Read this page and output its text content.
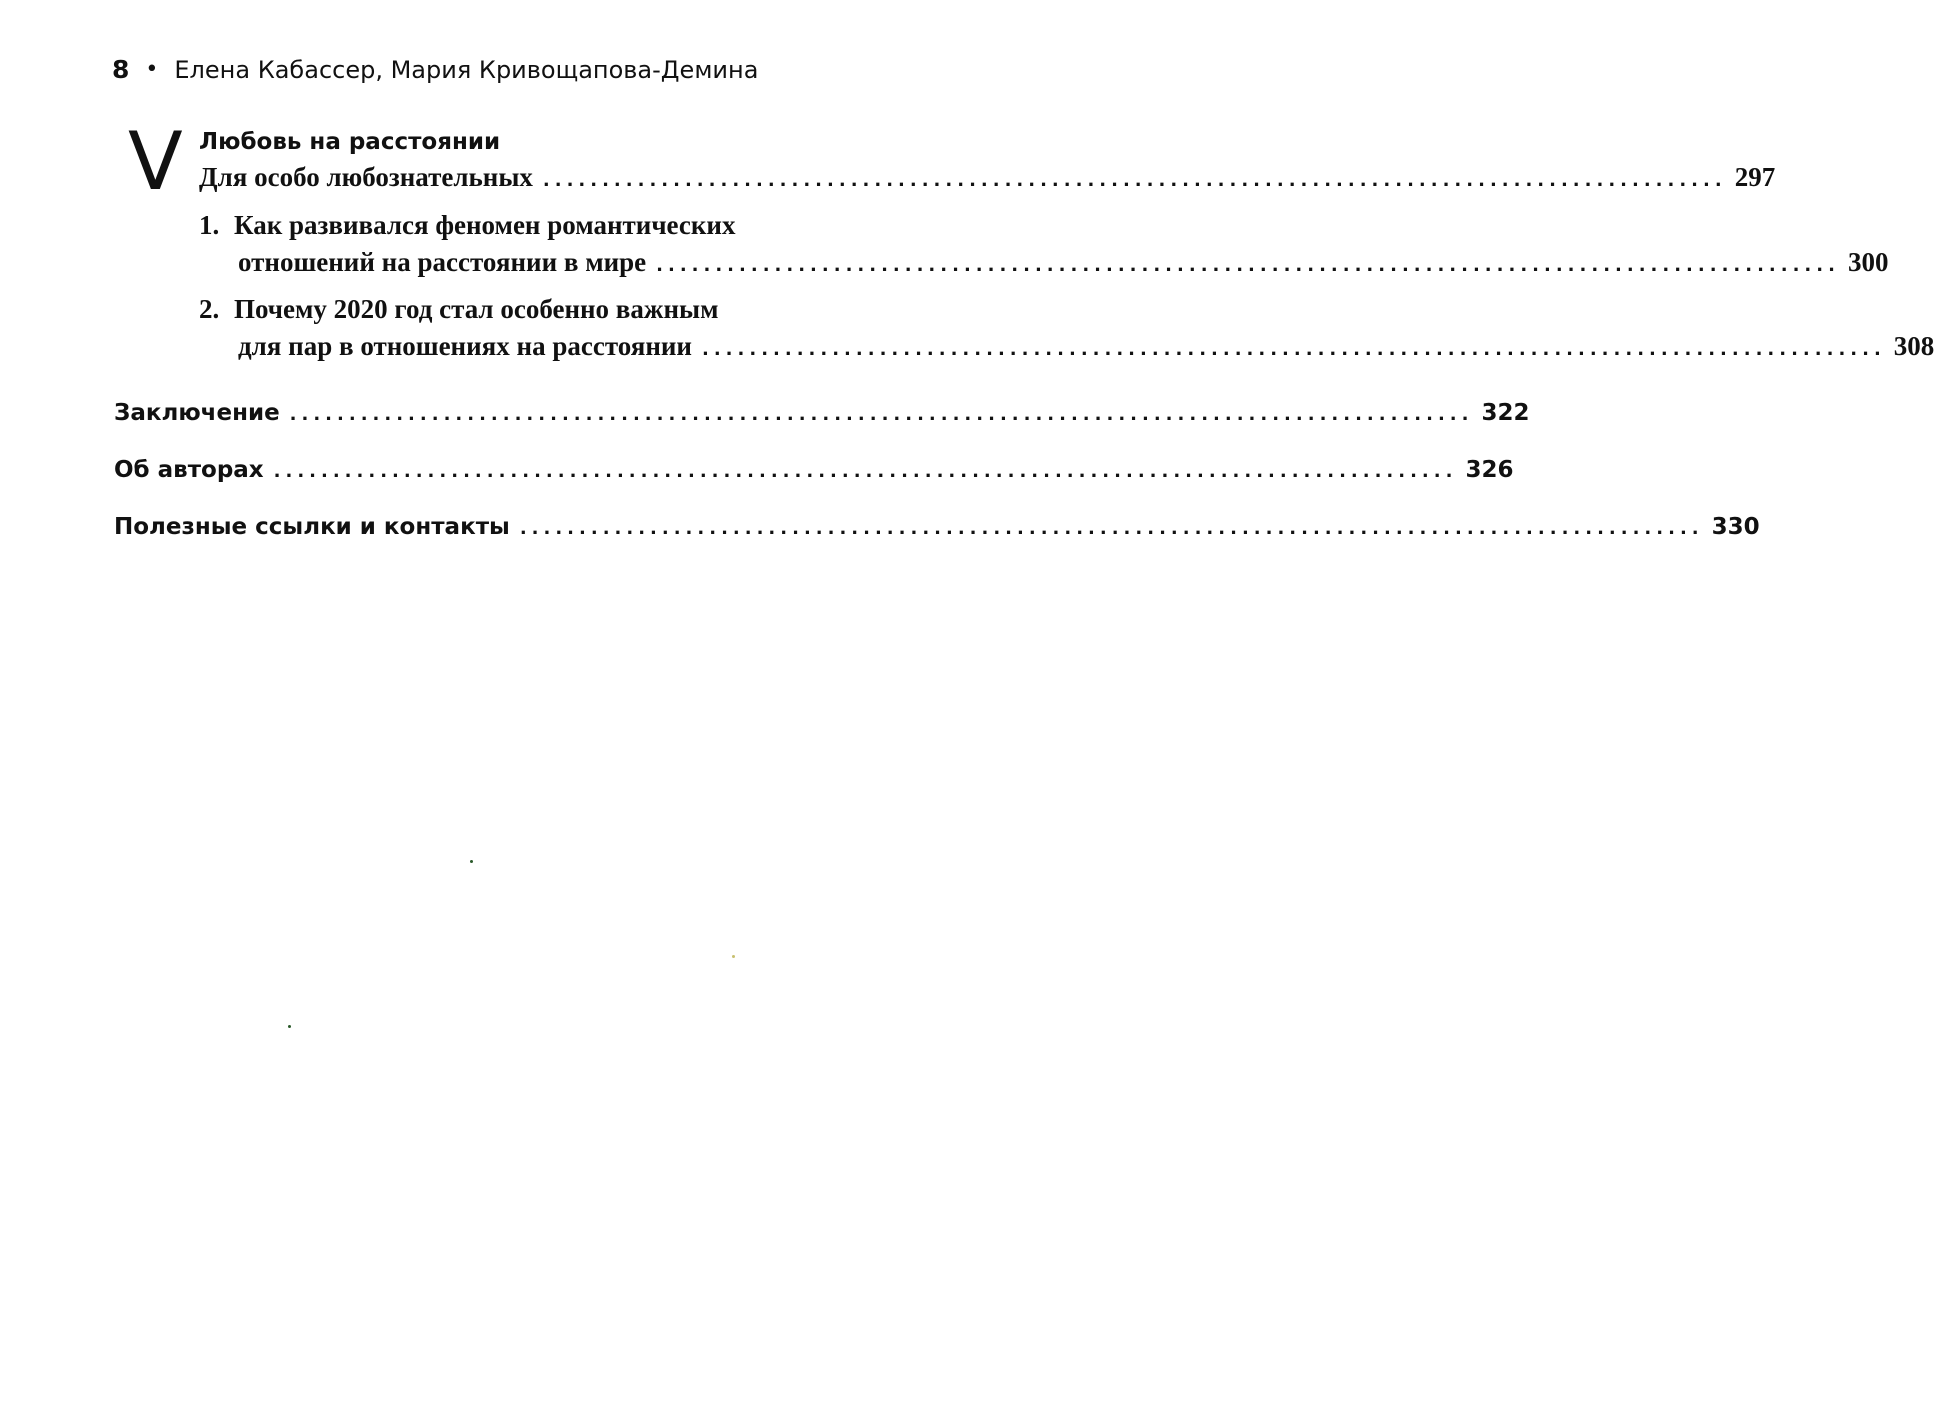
8 • Елена Кабассер, Мария Кривощапова-Демина
V Любовь на расстоянии
Для особо любознательных .................................................................................................... 297
1. Как развивался феномен романтических
отношений на расстоянии в мире .................................................................................................... 300
2. Почему 2020 год стал особенно важным
для пар в отношениях на расстоянии .................................................................................................... 308
Заключение .................................................................................................... 322
Об авторах .................................................................................................... 326
Полезные ссылки и контакты .................................................................................................... 330
